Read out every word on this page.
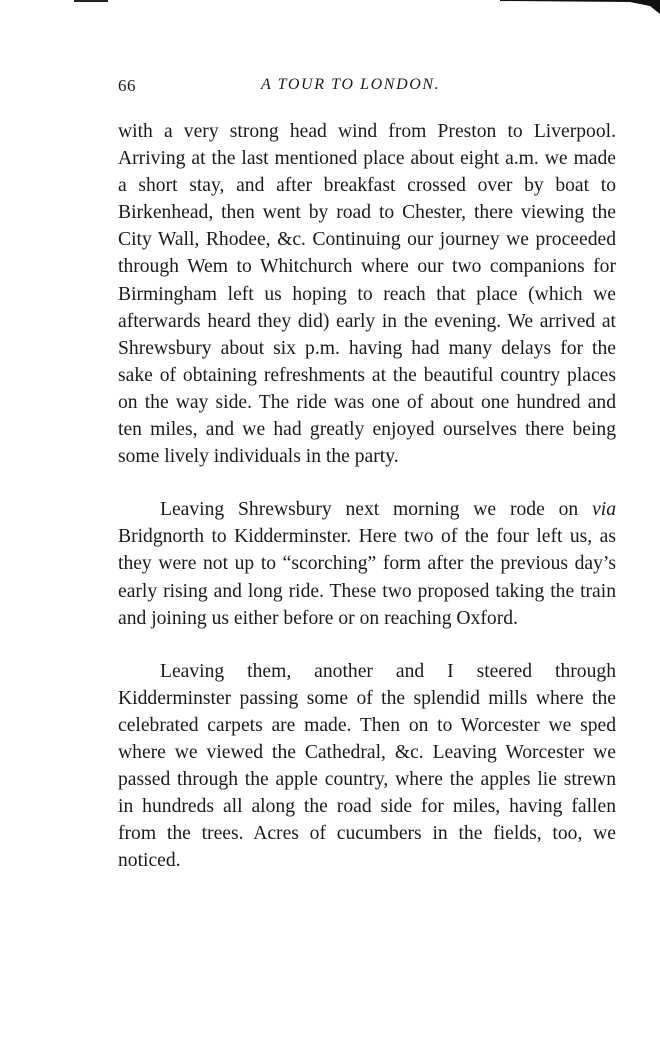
66	A TOUR TO LONDON.

with a very strong head wind from Preston to Liverpool. Arriving at the last mentioned place about eight a.m. we made a short stay, and after breakfast crossed over by boat to Birkenhead, then went by road to Chester, there viewing the City Wall, Rhodee, &c. Continuing our journey we proceeded through Wem to Whitchurch where our two companions for Birmingham left us hoping to reach that place (which we afterwards heard they did) early in the evening. We arrived at Shrewsbury about six p.m. having had many delays for the sake of obtaining refreshments at the beautiful country places on the way side. The ride was one of about one hundred and ten miles, and we had greatly enjoyed ourselves there being some lively individuals in the party.

Leaving Shrewsbury next morning we rode on via Bridgnorth to Kidderminster. Here two of the four left us, as they were not up to “scorching” form after the previous day’s early rising and long ride. These two proposed taking the train and joining us either before or on reaching Oxford.

Leaving them, another and I steered through Kidderminster passing some of the splendid mills where the celebrated carpets are made. Then on to Worcester we sped where we viewed the Cathedral, &c. Leaving Worcester we passed through the apple country, where the apples lie strewn in hundreds all along the road side for miles, having fallen from the trees. Acres of cucumbers in the fields, too, we noticed.
